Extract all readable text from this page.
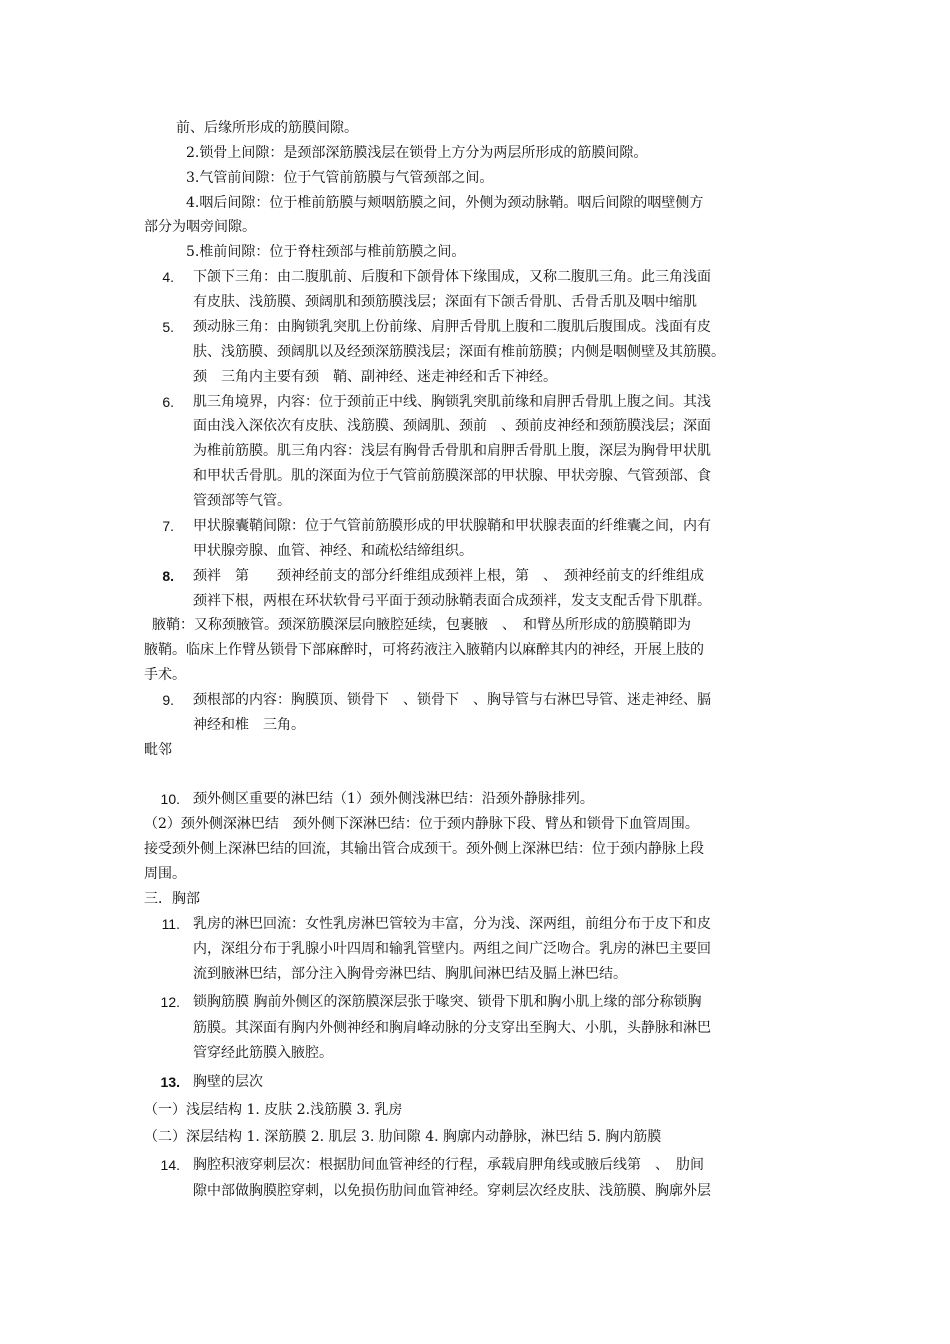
前、后缘所形成的筋膜间隙。
2.锁骨上间隙：是颈部深筋膜浅层在锁骨上方分为两层所形成的筋膜间隙。
3.气管前间隙：位于气管前筋膜与气管颈部之间。
4.咽后间隙：位于椎前筋膜与颊咽筋膜之间，外侧为颈动脉鞘。咽后间隙的咽壁侧方
部分为咽旁间隙。
5.椎前间隙：位于脊柱颈部与椎前筋膜之间。
4. 下颌下三角：由二腹肌前、后腹和下颌骨体下缘围成，又称二腹肌三角。此三角浅面
有皮肤、浅筋膜、颈阔肌和颈筋膜浅层；深面有下颌舌骨肌、舌骨舌肌及咽中缩肌
5. 颈动脉三角：由胸锁乳突肌上份前缘、肩胛舌骨肌上腹和二腹肌后腹围成。浅面有皮
肤、浅筋膜、颈阔肌以及经颈深筋膜浅层；深面有椎前筋膜；内侧是咽侧壁及其筋膜。
颈　三角内主要有颈　鞘、副神经、迷走神经和舌下神经。
6. 肌三角境界，内容：位于颈前正中线、胸锁乳突肌前缘和肩胛舌骨肌上腹之间。其浅
面由浅入深依次有皮肤、浅筋膜、颈阔肌、颈前　、颈前皮神经和颈筋膜浅层；深面
为椎前筋膜。肌三角内容：浅层有胸骨舌骨肌和肩胛舌骨肌上腹，深层为胸骨甲状肌
和甲状舌骨肌。肌的深面为位于气管前筋膜深部的甲状腺、甲状旁腺、气管颈部、食
管颈部等气管。
7. 甲状腺囊鞘间隙：位于气管前筋膜形成的甲状腺鞘和甲状腺表面的纤维囊之间，内有
甲状腺旁腺、血管、神经、和疏松结缔组织。
8. 颈袢　第　　颈神经前支的部分纤维组成颈袢上根，第　、　颈神经前支的纤维组成
颈袢下根，两根在环状软骨弓平面于颈动脉鞘表面合成颈袢，发支支配舌骨下肌群。
腋鞘：又称颈腋管。颈深筋膜深层向腋腔延续，包裹腋　、　和臂丛所形成的筋膜鞘即为
腋鞘。临床上作臂丛锁骨下部麻醉时，可将药液注入腋鞘内以麻醉其内的神经，开展上肢的
手术。
9. 颈根部的内容：胸膜顶、锁骨下　、锁骨下　、胸导管与右淋巴导管、迷走神经、膈
神经和椎　三角。
毗邻
10. 颈外侧区重要的淋巴结（1）颈外侧浅淋巴结：沿颈外静脉排列。
（2）颈外侧深淋巴结　颈外侧下深淋巴结：位于颈内静脉下段、臂丛和锁骨下血管周围。
接受颈外侧上深淋巴结的回流，其输出管合成颈干。颈外侧上深淋巴结：位于颈内静脉上段
周围。
三．胸部
11. 乳房的淋巴回流：女性乳房淋巴管较为丰富，分为浅、深两组，前组分布于皮下和皮
内，深组分布于乳腺小叶四周和输乳管壁内。两组之间广泛吻合。乳房的淋巴主要回
流到腋淋巴结，部分注入胸骨旁淋巴结、胸肌间淋巴结及膈上淋巴结。
12. 锁胸筋膜 胸前外侧区的深筋膜深层张于喙突、锁骨下肌和胸小肌上缘的部分称锁胸
筋膜。其深面有胸内外侧神经和胸肩峰动脉的分支穿出至胸大、小肌，头静脉和淋巴
管穿经此筋膜入腋腔。
13. 胸壁的层次
（一）浅层结构 1. 皮肤 2.浅筋膜 3. 乳房
（二）深层结构 1. 深筋膜 2. 肌层 3. 肋间隙 4. 胸廓内动静脉，淋巴结 5. 胸内筋膜
14. 胸腔积液穿刺层次：根据肋间血管神经的行程，承载肩胛角线或腋后线第　、　肋间
隙中部做胸膜腔穿刺，以免损伤肋间血管神经。穿刺层次经皮肤、浅筋膜、胸廓外层
